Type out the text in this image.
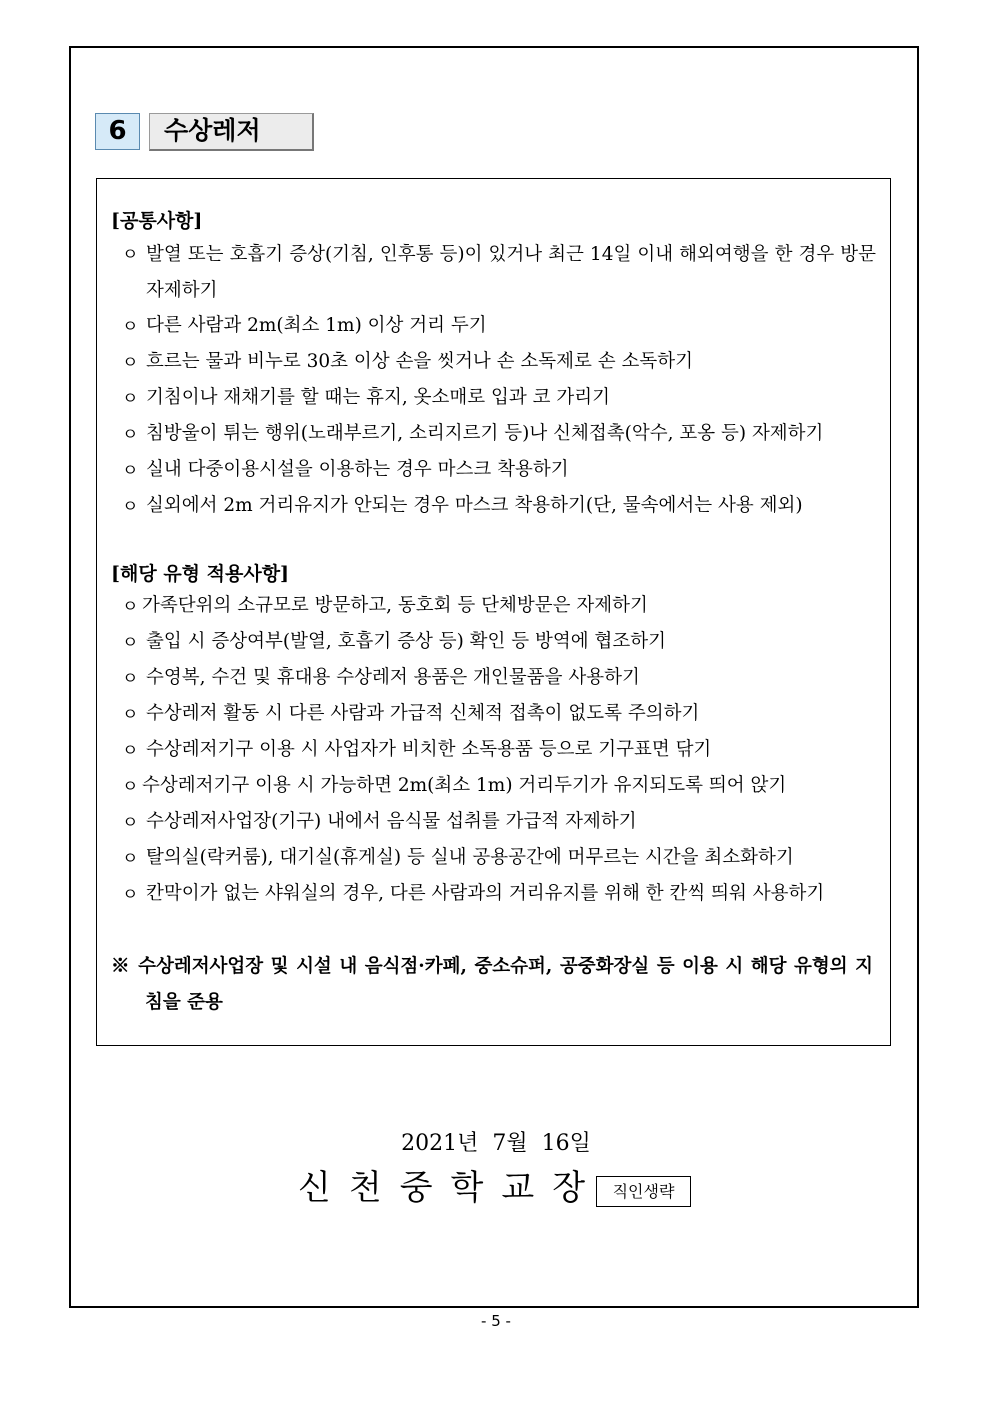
6	수상레저
[공통사항]
ㅇ 발열 또는 호흡기 증상(기침, 인후통 등)이 있거나 최근 14일 이내 해외여행을 한 경우 방문 자제하기
ㅇ 다른 사람과 2m(최소 1m) 이상 거리 두기
ㅇ 흐르는 물과 비누로 30초 이상 손을 씻거나 손 소독제로 손 소독하기
ㅇ 기침이나 재채기를 할 때는 휴지, 옷소매로 입과 코 가리기
ㅇ 침방울이 튀는 행위(노래부르기, 소리지르기 등)나 신체접촉(악수, 포옹 등) 자제하기
ㅇ 실내 다중이용시설을 이용하는 경우 마스크 착용하기
ㅇ 실외에서 2m 거리유지가 안되는 경우 마스크 착용하기(단, 물속에서는 사용 제외)
[해당 유형 적용사항]
ㅇ 가족단위의 소규모로 방문하고, 동호회 등 단체방문은 자제하기
ㅇ 출입 시 증상여부(발열, 호흡기 증상 등) 확인 등 방역에 협조하기
ㅇ 수영복, 수건 및 휴대용 수상레저 용품은 개인물품을 사용하기
ㅇ 수상레저 활동 시 다른 사람과 가급적 신체적 접촉이 없도록 주의하기
ㅇ 수상레저기구 이용 시 사업자가 비치한 소독용품 등으로 기구표면 닦기
ㅇ 수상레저기구 이용 시 가능하면 2m(최소 1m) 거리두기가 유지되도록 띄어 앉기
ㅇ 수상레저사업장(기구) 내에서 음식물 섭취를 가급적 자제하기
ㅇ 탈의실(락커룸), 대기실(휴게실) 등 실내 공용공간에 머무르는 시간을 최소화하기
ㅇ 칸막이가 없는 샤워실의 경우, 다른 사람과의 거리유지를 위해 한 칸씩 띄워 사용하기
※ 수상레저사업장 및 시설 내 음식점·카페, 중소슈퍼, 공중화장실 등 이용 시 해당 유형의 지침을 준용
2021년  7월  16일
신천중학교장 직인생략
- 5 -
